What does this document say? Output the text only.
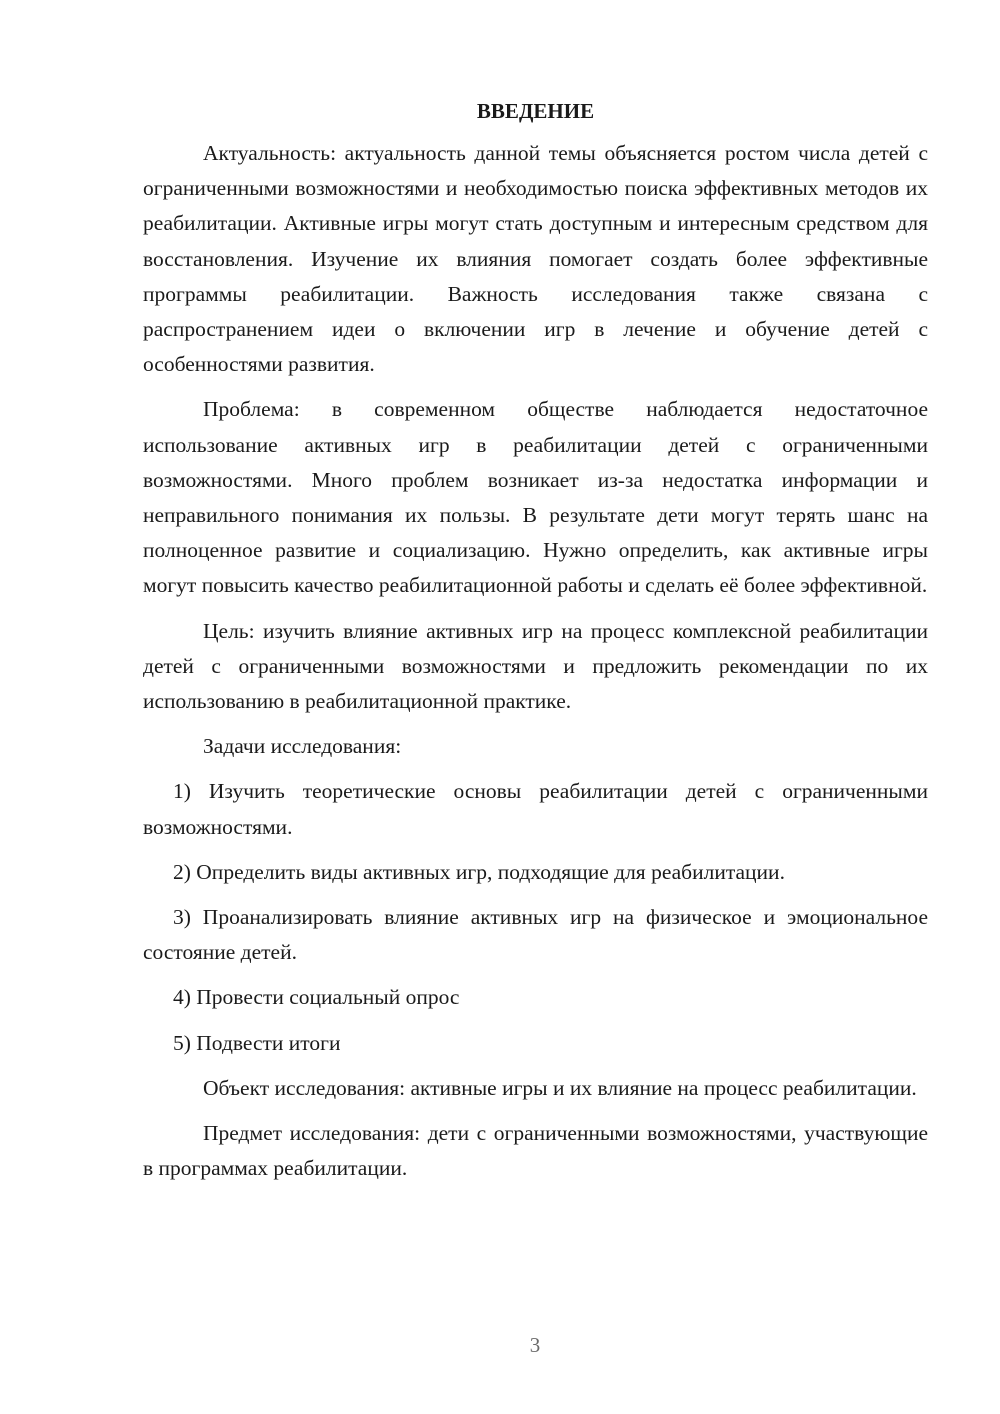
ВВЕДЕНИЕ

Актуальность: актуальность данной темы объясняется ростом числа детей с ограниченными возможностями и необходимостью поиска эффективных методов их реабилитации. Активные игры могут стать доступным и интересным средством для восстановления. Изучение их влияния помогает создать более эффективные программы реабилитации. Важность исследования также связана с распространением идеи о включении игр в лечение и обучение детей с особенностями развития.

Проблема: в современном обществе наблюдается недостаточное использование активных игр в реабилитации детей с ограниченными возможностями. Много проблем возникает из-за недостатка информации и неправильного понимания их пользы. В результате дети могут терять шанс на полноценное развитие и социализацию. Нужно определить, как активные игры могут повысить качество реабилитационной работы и сделать её более эффективной.

Цель: изучить влияние активных игр на процесс комплексной реабилитации детей с ограниченными возможностями и предложить рекомендации по их использованию в реабилитационной практике.

Задачи исследования:

1) Изучить теоретические основы реабилитации детей с ограниченными возможностями.

2) Определить виды активных игр, подходящие для реабилитации.

3) Проанализировать влияние активных игр на физическое и эмоциональное состояние детей.

4) Провести социальный опрос

5) Подвести итоги

Объект исследования: активные игры и их влияние на процесс реабилитации.

Предмет исследования: дети с ограниченными возможностями, участвующие в программах реабилитации.

3
